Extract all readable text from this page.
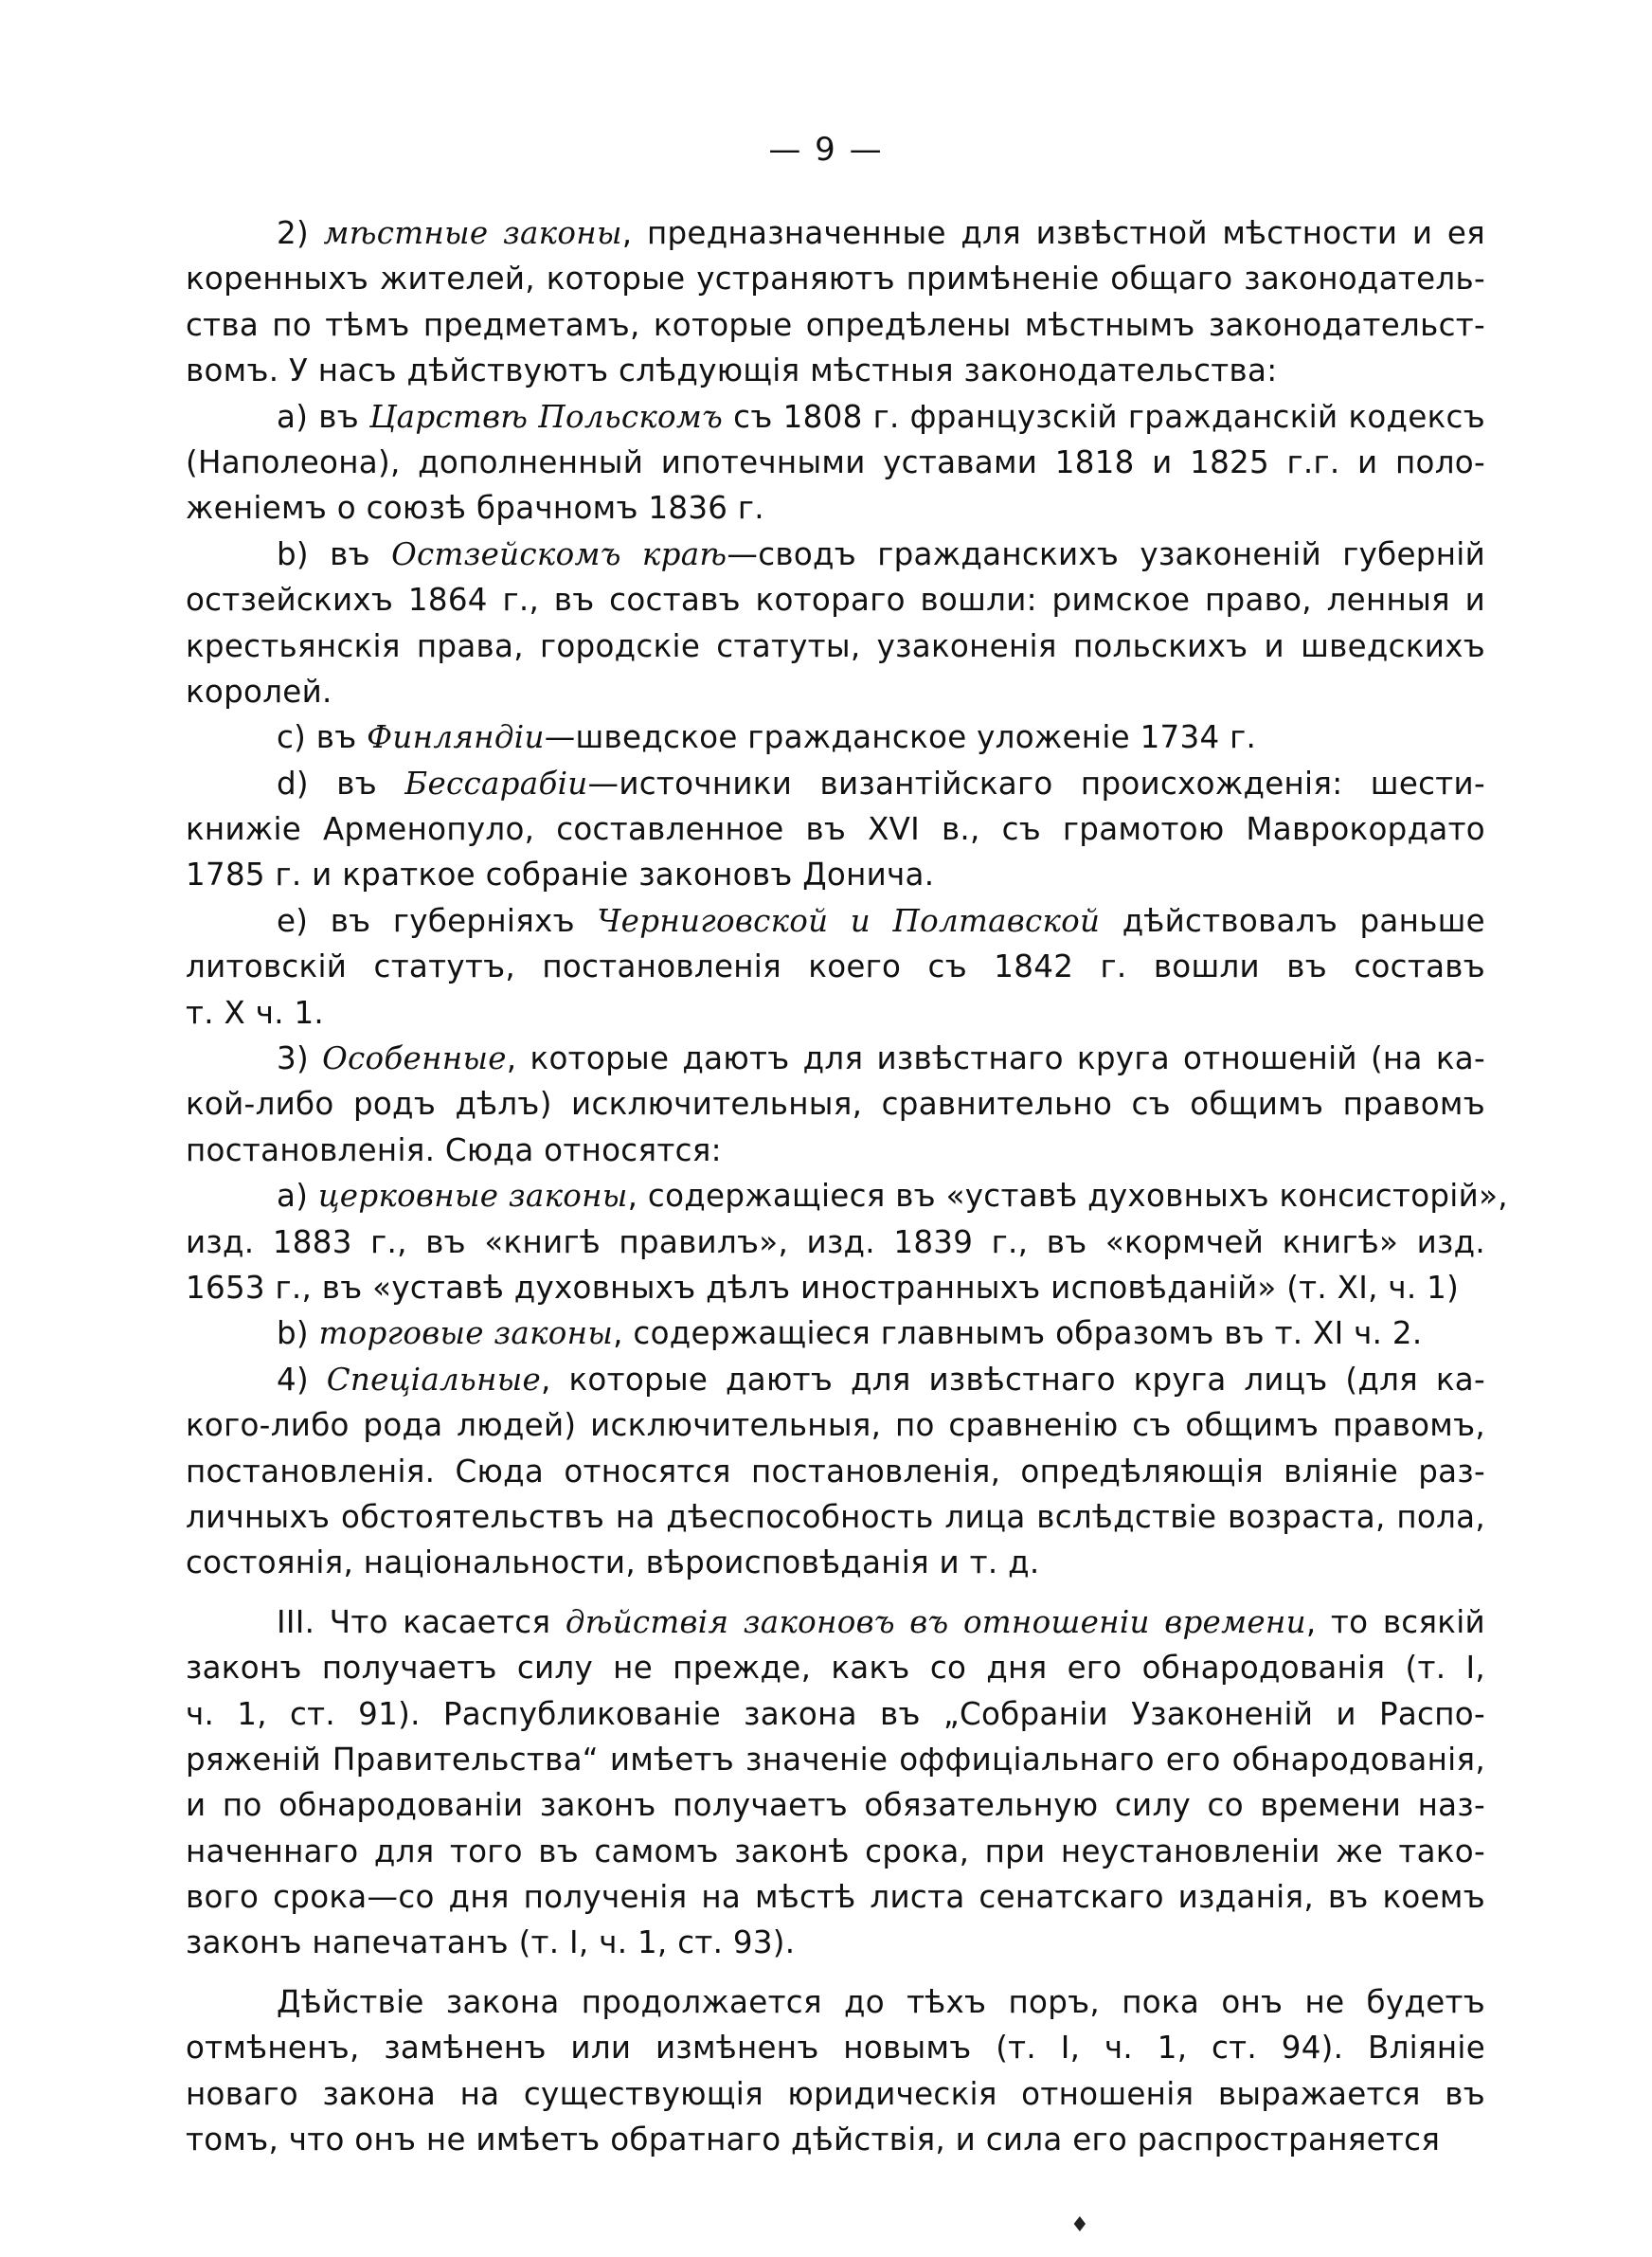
— 9 —
2) мѣстные законы, предназначенные для извѣстной мѣстности и ея
коренныхъ жителей, которые устраняютъ примѣненіе общаго законодатель-
ства по тѣмъ предметамъ, которые опредѣлены мѣстнымъ законодательст-
вомъ. У насъ дѣйствуютъ слѣдующія мѣстныя законодательства:
a) въ Царствѣ Польскомъ съ 1808 г. французскій гражданскій кодексъ
(Наполеона), дополненный ипотечными уставами 1818 и 1825 г.г. и поло-
женіемъ о союзѣ брачномъ 1836 г.
b) въ Остзейскомъ краѣ—сводъ гражданскихъ узаконеній губерній
остзейскихъ 1864 г., въ составъ котораго вошли: римское право, ленныя и
крестьянскія права, городскіе статуты, узаконенія польскихъ и шведскихъ
королей.
c) въ Финляндіи—шведское гражданское уложеніе 1734 г.
d) въ Бессарабіи—источники византійскаго происхожденія: шести-
книжіе Арменопуло, составленное въ XVI в., съ грамотою Маврокордато
1785 г. и краткое собраніе законовъ Донича.
e) въ губерніяхъ Черниговской и Полтавской дѣйствовалъ раньше
литовскій статутъ, постановленія коего съ 1842 г. вошли въ составъ
т. X ч. 1.
3) Особенные, которые даютъ для извѣстнаго круга отношеній (на ка-
кой-либо родъ дѣлъ) исключительныя, сравнительно съ общимъ правомъ
постановленія. Сюда относятся:
a) церковные законы, содержащіеся въ «уставѣ духовныхъ консисторій»,
изд. 1883 г., въ «книгѣ правилъ», изд. 1839 г., въ «кормчей книгѣ» изд.
1653 г., въ «уставѣ духовныхъ дѣлъ иностранныхъ исповѣданій» (т. XI, ч. 1)
b) торговые законы, содержащіеся главнымъ образомъ въ т. XI ч. 2.
4) Спеціальные, которые даютъ для извѣстнаго круга лицъ (для ка-
кого-либо рода людей) исключительныя, по сравненію съ общимъ правомъ,
постановленія. Сюда относятся постановленія, опредѣляющія вліяніе раз-
личныхъ обстоятельствъ на дѣеспособность лица вслѣдствіе возраста, пола,
состоянія, національности, вѣроисповѣданія и т. д.
III. Что касается дѣйствія законовъ въ отношеніи времени, то всякій
законъ получаетъ силу не прежде, какъ со дня его обнародованія (т. I,
ч. 1, ст. 91). Распубликованіе закона въ „Собраніи Узаконеній и Распо-
ряженій Правительства“ имѣетъ значеніе оффиціальнаго его обнародованія,
и по обнародованіи законъ получаетъ обязательную силу со времени наз-
наченнаго для того въ самомъ законѣ срока, при неустановленіи же тако-
вого срока—со дня полученія на мѣстѣ листа сенатскаго изданія, въ коемъ
законъ напечатанъ (т. I, ч. 1, ст. 93).
Дѣйствіе закона продолжается до тѣхъ поръ, пока онъ не будетъ
отмѣненъ, замѣненъ или измѣненъ новымъ (т. I, ч. 1, ст. 94). Вліяніе
новаго закона на существующія юридическія отношенія выражается въ
томъ, что онъ не имѣетъ обратнаго дѣйствія, и сила его распространяется
♦
